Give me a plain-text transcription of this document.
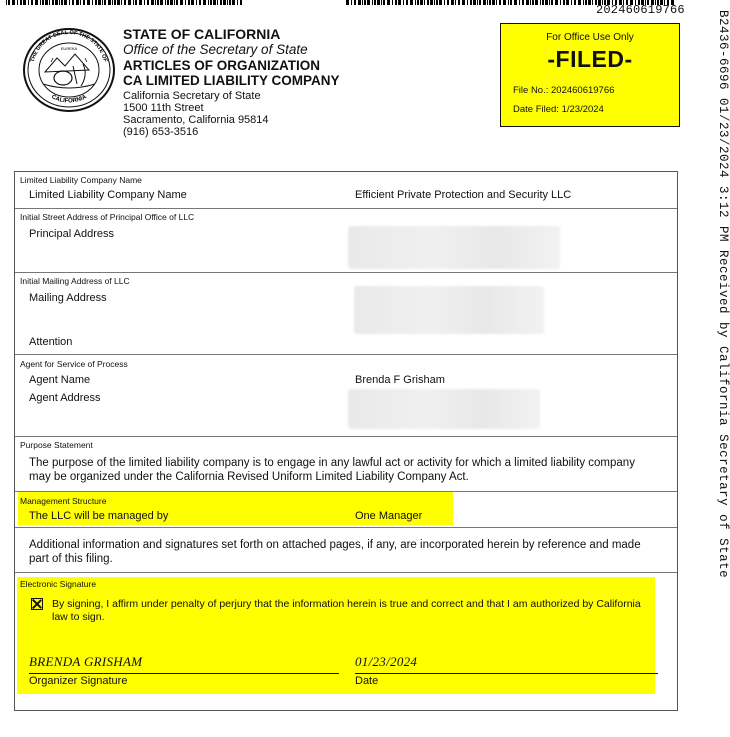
202460619766 B2436-6696 01/23/2024 3:12 PM Received by California Secretary of State
THE GREAT SEAL OF THE STATE OF
CALIFORNIA
EUREKA
STATE OF CALIFORNIA
Office of the Secretary of State
ARTICLES OF ORGANIZATION
CA LIMITED LIABILITY COMPANY
California Secretary of State
1500 11th Street
Sacramento, California 95814
(916) 653-3516
For Office Use Only
-FILED-
File No.: 202460619766
Date Filed: 1/23/2024
Limited Liability Company Name
Limited Liability Company Name	Efficient Private Protection and Security LLC
Initial Street Address of Principal Office of LLC
Principal Address
Initial Mailing Address of LLC
Mailing Address
Attention
Agent for Service of Process
Agent Name	Brenda F Grisham
Agent Address
Purpose Statement
The purpose of the limited liability company is to engage in any lawful act or activity for which a limited liability company may be organized under the California Revised Uniform Limited Liability Company Act.
Management Structure
The LLC will be managed by	One Manager
Additional information and signatures set forth on attached pages, if any, are incorporated herein by reference and made part of this filing.
Electronic Signature
By signing, I affirm under penalty of perjury that the information herein is true and correct and that I am authorized by California law to sign.
BRENDA GRISHAM	01/23/2024
Organizer Signature	Date
